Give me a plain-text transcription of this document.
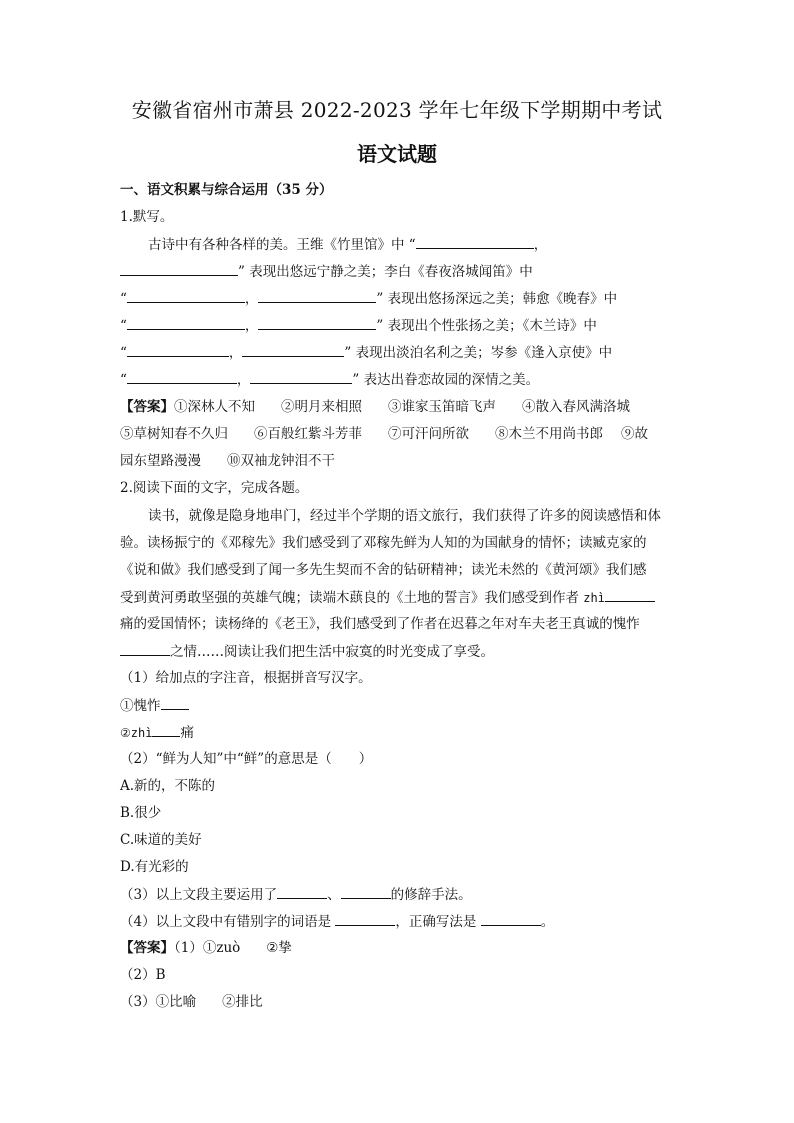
安徽省宿州市萧县 2022-2023 学年七年级下学期期中考试
语文试题
一、语文积累与综合运用（35 分）
1.默写。
古诗中有各种各样的美。王维《竹里馆》中 “	，
” 表现出悠远宁静之美；李白《春夜洛城闻笛》中
“	，	” 表现出悠扬深远之美；韩愈《晚春》中
“	，	” 表现出个性张扬之美；《木兰诗》中
“	，	” 表现出淡泊名利之美；岑参《逢入京使》中
“	，	” 表达出眷恋故园的深情之美。
【答案】①深林人不知 ②明月来相照 ③谁家玉笛暗飞声 ④散入春风满洛城
⑤草树知春不久归 ⑥百般红紫斗芳菲 ⑦可汗问所欲 ⑧木兰不用尚书郎 ⑨故
园东望路漫漫 ⑩双袖龙钟泪不干
2.阅读下面的文字，完成各题。
读书，就像是隐身地串门，经过半个学期的语文旅行，我们获得了许多的阅读感悟和体
验。读杨振宁的《邓稼先》我们感受到了邓稼先鲜为人知的为国献身的情怀；读臧克家的
《说和做》我们感受到了闻一多先生契而不舍的钻研精神；读光未然的《黄河颂》我们感
受到黄河勇敢坚强的英雄气魄；读端木蕻良的《土地的誓言》我们感受到作者 zhì
痛的爱国情怀；读杨绛的《老王》，我们感受到了作者在迟暮之年对车夫老王真诚的愧怍
之情……阅读让我们把生活中寂寞的时光变成了享受。
（1）给加点的字注音，根据拼音写汉字。
①愧怍
②zhì 痛
（2）“鲜为人知”中“鲜”的意思是（　　）
A.新的，不陈的
B.很少
C.味道的美好
D.有光彩的
（3）以上文段主要运用了	、	的修辞手法。
（4）以上文段中有错别字的词语是	，正确写法是	。
【答案】（1）①zuò ②挚
（2）B
（3）①比喻 ②排比
